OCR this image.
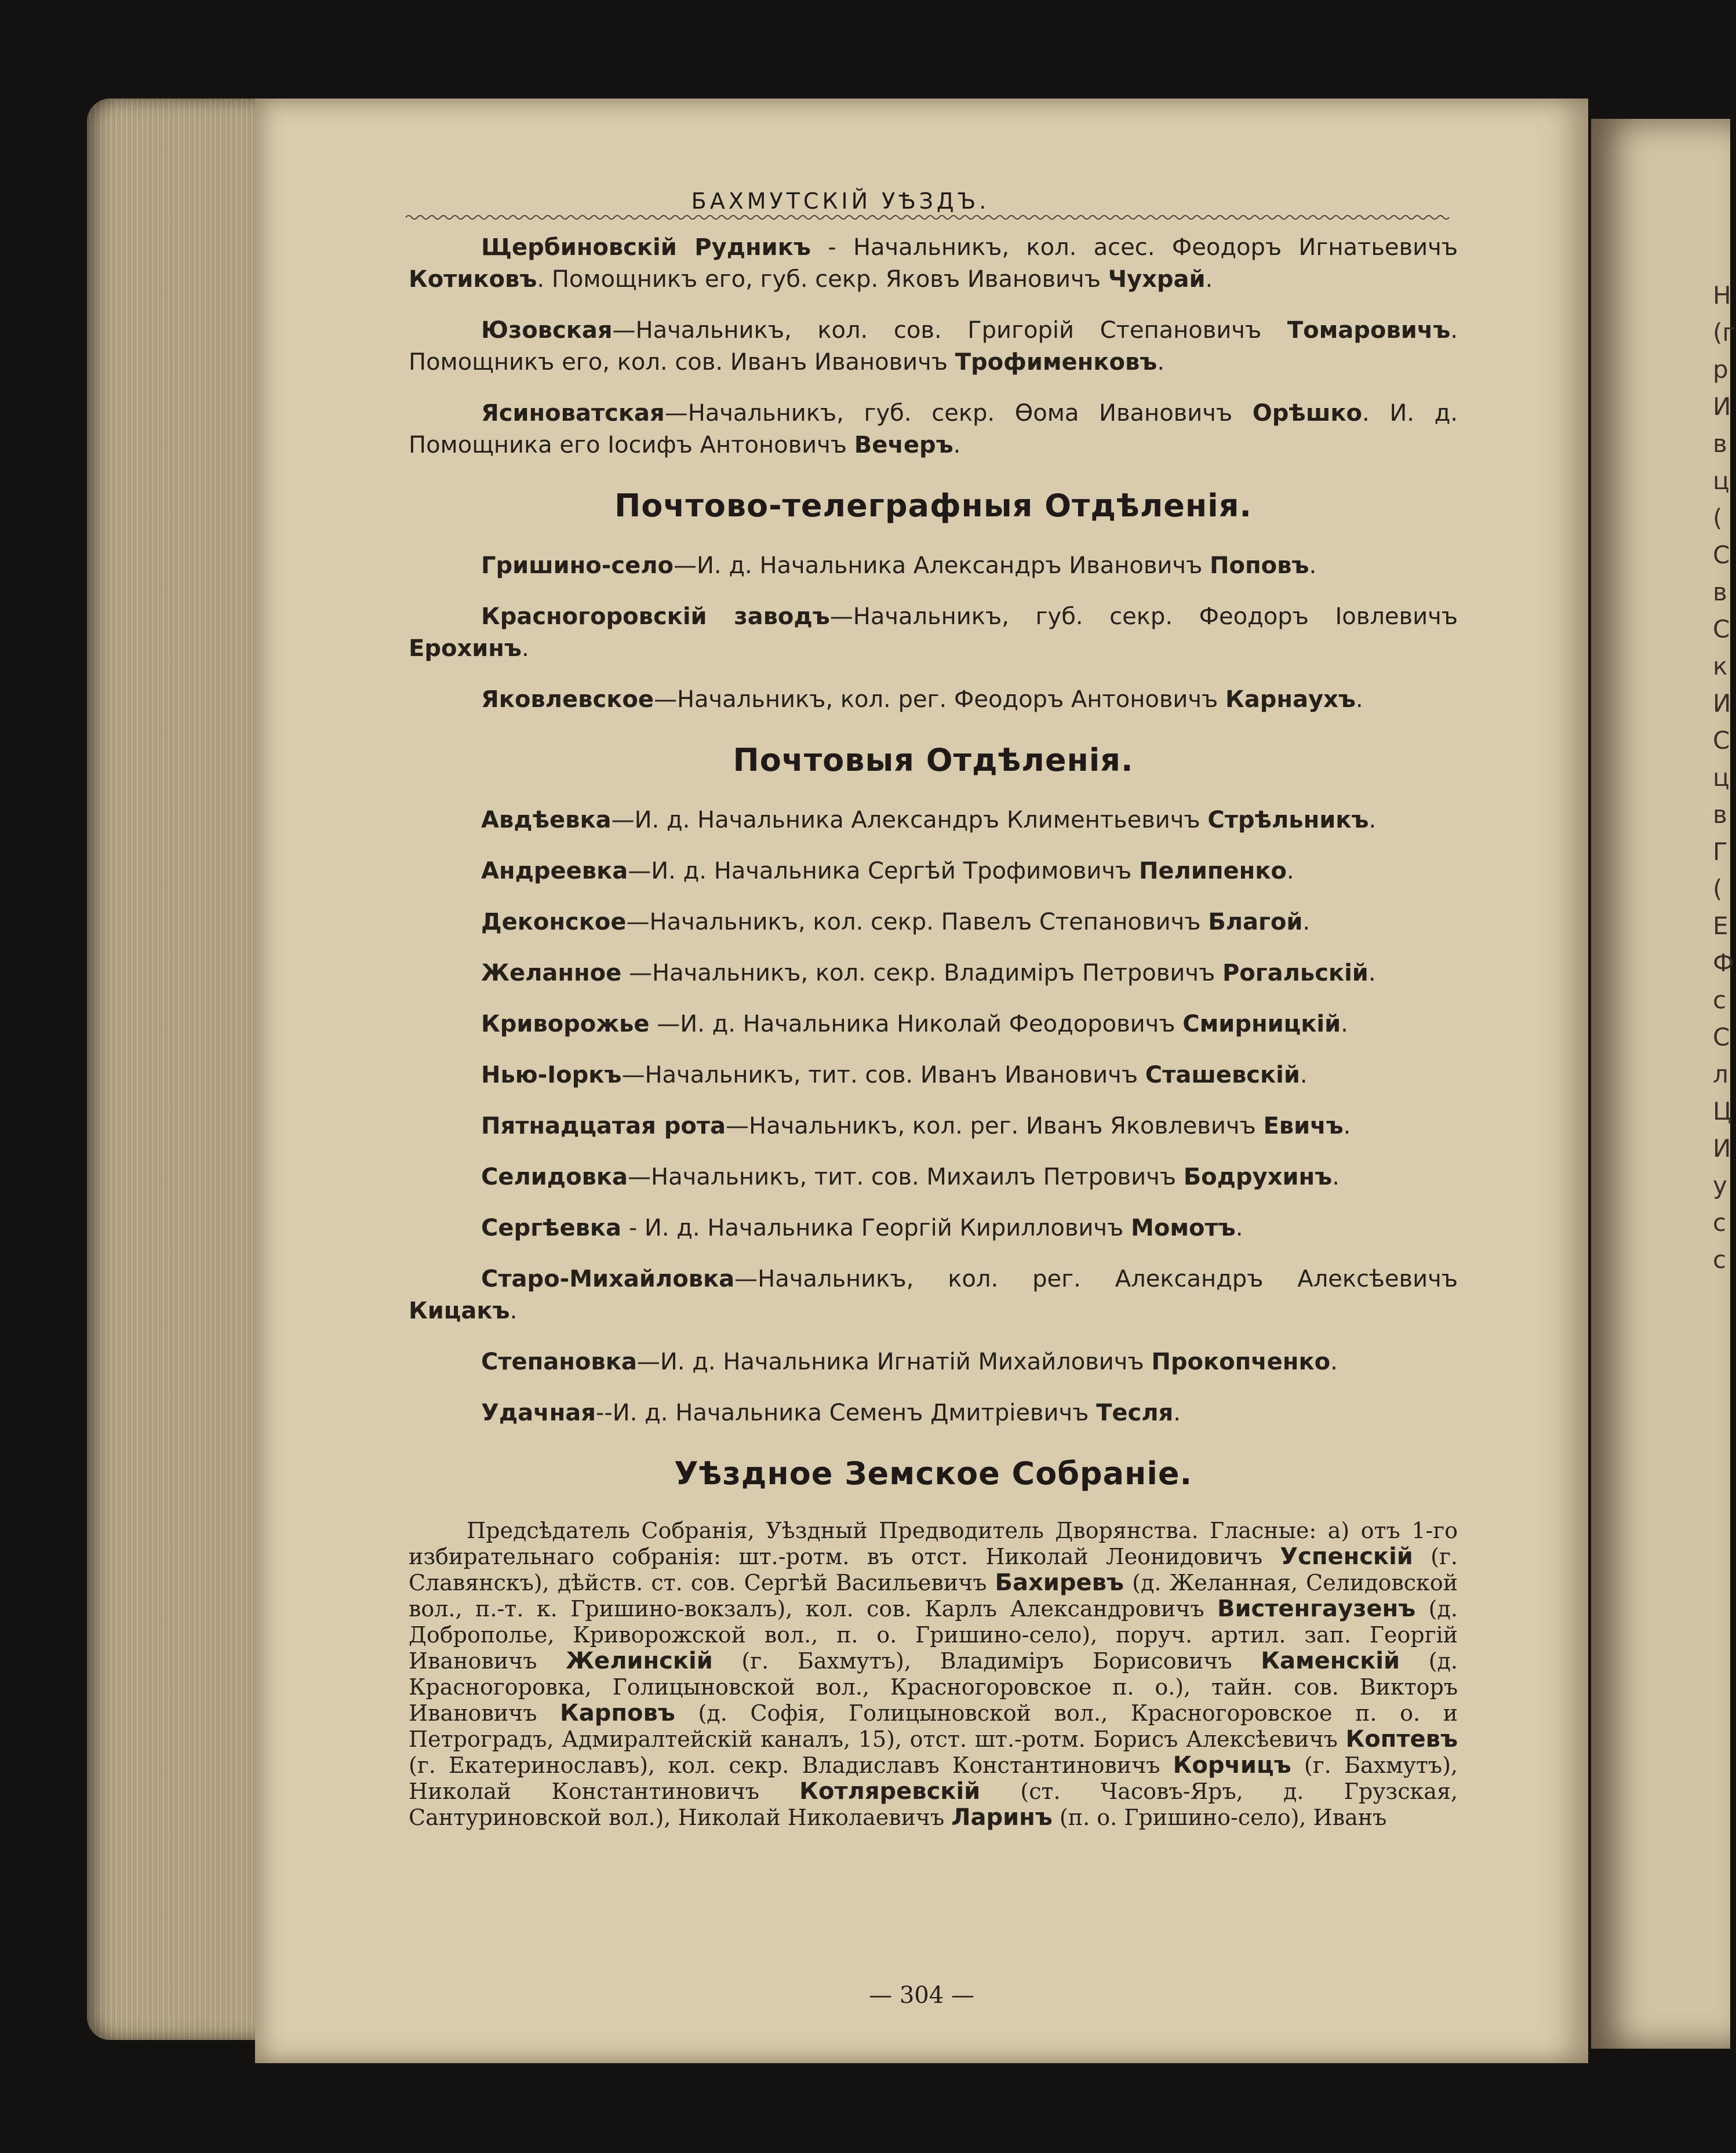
Н
(г
р
И
в
ц
(
С
в
С
к
И
С
ц
в
Г
(
Е
Ф
с
С
л
Ц
И
у
с
с
БАХМУТСКІЙ УѢЗДЪ.

Щербиновскій Рудникъ - Начальникъ, кол. асес. Феодоръ Игнатьевичъ Котиковъ. Помощникъ его, губ. секр. Яковъ Ивановичъ Чухрай.

Юзовская—Начальникъ, кол. сов. Григорій Степановичъ Томаровичъ. Помощникъ его, кол. сов. Иванъ Ивановичъ Трофименковъ.

Ясиноватская—Начальникъ, губ. секр. Ѳома Ивановичъ Орѣшко. И. д. Помощника его Іосифъ Антоновичъ Вечеръ.

Почтово-телеграфныя Отдѣленія.

Гришино-село—И. д. Начальника Александръ Ивановичъ Поповъ.

Красногоровскій заводъ—Начальникъ, губ. секр. Феодоръ Іовлевичъ Ерохинъ.

Яковлевское—Начальникъ, кол. рег. Феодоръ Антоновичъ Карнаухъ.

Почтовыя Отдѣленія.

Авдѣевка—И. д. Начальника Александръ Климентьевичъ Стрѣльникъ.

Андреевка—И. д. Начальника Сергѣй Трофимовичъ Пелипенко.

Деконское—Начальникъ, кол. секр. Павелъ Степановичъ Благой.

Желанное —Начальникъ, кол. секр. Владиміръ Петровичъ Рогальскій.

Криворожье —И. д. Начальника Николай Феодоровичъ Смирницкій.

Нью-Іоркъ—Начальникъ, тит. сов. Иванъ Ивановичъ Сташевскій.

Пятнадцатая рота—Начальникъ, кол. рег. Иванъ Яковлевичъ Евичъ.

Селидовка—Начальникъ, тит. сов. Михаилъ Петровичъ Бодрухинъ.

Сергѣевка - И. д. Начальника Георгій Кирилловичъ Момотъ.

Старо-Михайловка—Начальникъ, кол. рег. Александръ Алексѣевичъ Кицакъ.

Степановка—И. д. Начальника Игнатій Михайловичъ Прокопченко.

Удачная--И. д. Начальника Семенъ Дмитріевичъ Тесля.

Уѣздное Земское Собраніе.

Предсѣдатель Собранія, Уѣздный Предводитель Дворянства. Гласные: а) отъ 1-го избирательнаго собранія: шт.-ротм. въ отст. Николай Леонидовичъ Успенскій (г. Славянскъ), дѣйств. ст. сов. Сергѣй Васильевичъ Бахиревъ (д. Желанная, Селидовской вол., п.-т. к. Гришино-вокзалъ), кол. сов. Карлъ Александровичъ Вистенгаузенъ (д. Доброполье, Криворожской вол., п. о. Гришино-село), поруч. артил. зап. Георгій Ивановичъ Желинскій (г. Бахмутъ), Владиміръ Борисовичъ Каменскій (д. Красногоровка, Голицыновской вол., Красногоровское п. о.), тайн. сов. Викторъ Ивановичъ Карповъ (д. Софія, Голицыновской вол., Красногоровское п. о. и Петроградъ, Адмиралтейскій каналъ, 15), отст. шт.-ротм. Борисъ Алексѣевичъ Коптевъ (г. Екатеринославъ), кол. секр. Владиславъ Константиновичъ Корчицъ (г. Бахмутъ), Николай Константиновичъ Котляревскій (ст. Часовъ-Яръ, д. Грузская, Сантуриновской вол.), Николай Николаевичъ Ларинъ (п. о. Гришино-село), Иванъ

— 304 —
